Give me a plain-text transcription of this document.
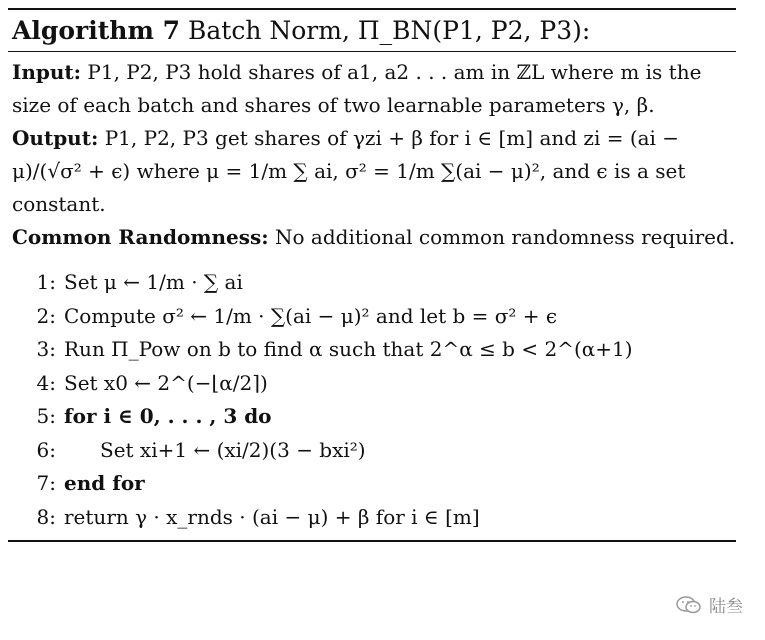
Algorithm 7 Batch Norm, Π_BN(P1, P2, P3):
Input: P1, P2, P3 hold shares of a1, a2 . . . am in ℤL where m is the size of each batch and shares of two learnable parameters γ, β.
Output: P1, P2, P3 get shares of γzi + β for i ∈ [m] and zi = (ai − μ)/(√σ² + ϵ) where μ = 1/m ∑ ai, σ² = 1/m ∑(ai − μ)², and ϵ is a set constant.
Common Randomness: No additional common randomness required.
1: Set μ ← 1/m · ∑ ai
2: Compute σ² ← 1/m · ∑(ai − μ)² and let b = σ² + ϵ
3: Run Π_Pow on b to find α such that 2^α ≤ b < 2^(α+1)
4: Set x0 ← 2^(−⌊α/2⌉)
5: for i ∈ 0, . . . , 3 do
6:	Set xi+1 ← (xi/2)(3 − bxi²)
7: end for
8: return γ · x_rnds · (ai − μ) + β for i ∈ [m]
陆叁
